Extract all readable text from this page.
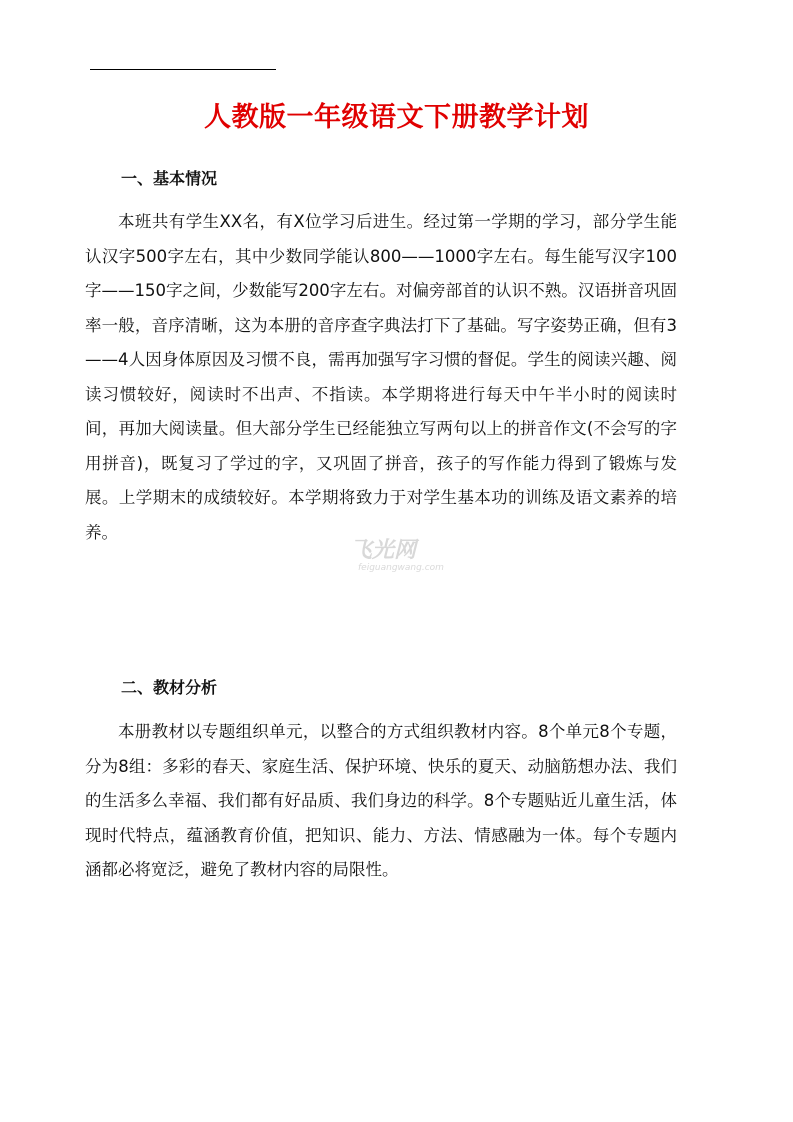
人教版一年级语文下册教学计划
一、基本情况

本班共有学生XX名，有X位学习后进生。经过第一学期的学习，部分学生能认汉字500字左右，其中少数同学能认800——1000字左右。每生能写汉字100字——150字之间，少数能写200字左右。对偏旁部首的认识不熟。汉语拼音巩固率一般，音序清晰，这为本册的音序查字典法打下了基础。写字姿势正确，但有3——4人因身体原因及习惯不良，需再加强写字习惯的督促。学生的阅读兴趣、阅读习惯较好，阅读时不出声、不指读。本学期将进行每天中午半小时的阅读时间，再加大阅读量。但大部分学生已经能独立写两句以上的拼音作文(不会写的字用拼音)，既复习了学过的字，又巩固了拼音，孩子的写作能力得到了锻炼与发展。上学期末的成绩较好。本学期将致力于对学生基本功的训练及语文素养的培养。

二、教材分析

本册教材以专题组织单元，以整合的方式组织教材内容。8个单元8个专题，分为8组：多彩的春天、家庭生活、保护环境、快乐的夏天、动脑筋想办法、我们的生活多么幸福、我们都有好品质、我们身边的科学。8个专题贴近儿童生活，体现时代特点，蕴涵教育价值，把知识、能力、方法、情感融为一体。每个专题内涵都必将宽泛，避免了教材内容的局限性。

飞光网
feiguangwang.com
